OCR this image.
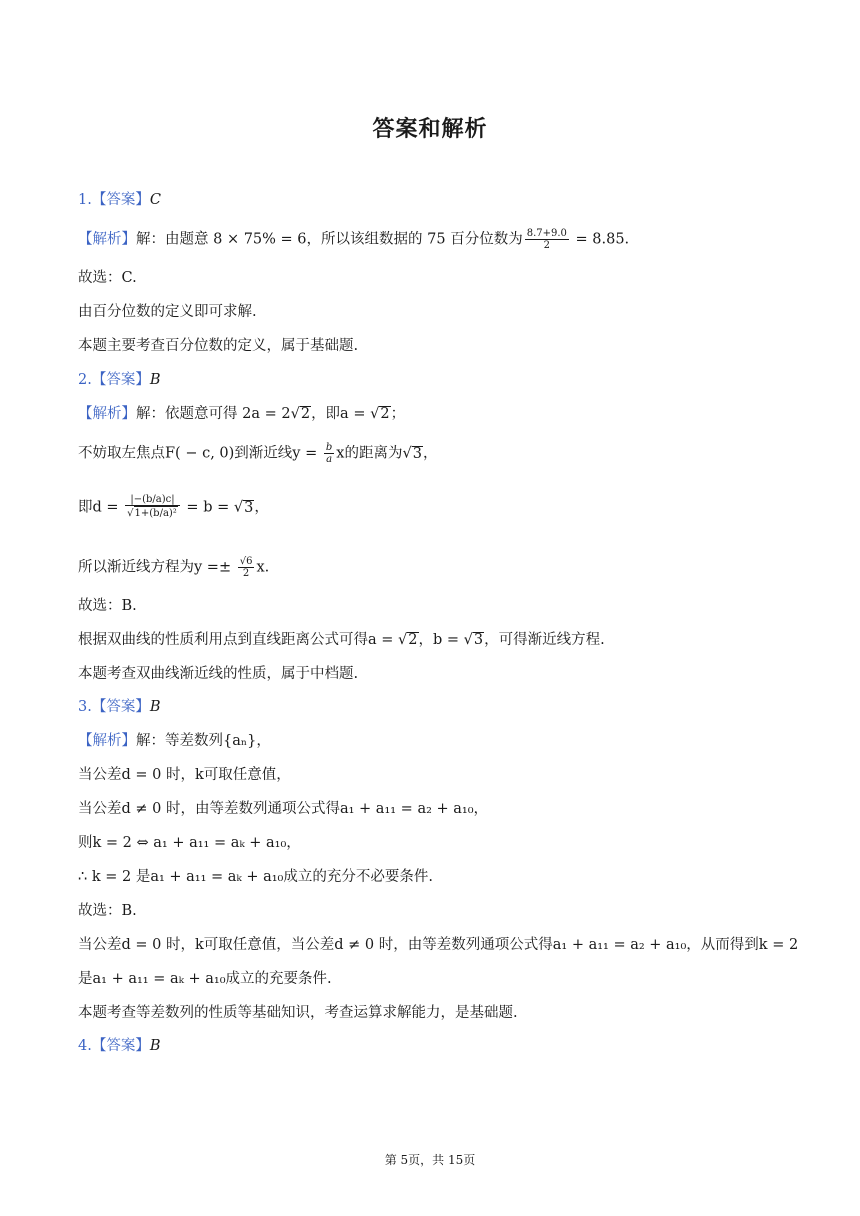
答案和解析
1.【答案】C
【解析】解：由题意 8 × 75% = 6，所以该组数据的 75 百分位数为 $\frac{8.7+9.0}{2} = 8.85$.
故选：C.
由百分位数的定义即可求解.
本题主要考查百分位数的定义，属于基础题.
2.【答案】B
【解析】解：依题意可得 2a = 2√2，即a = √2；
不妨取左焦点F( − c, 0)到渐近线$y = \frac{b}{a}$ x的距离为√3，
即$d = \frac{|-(b/a)c|}{\text{√1+(b/a)²}} = b = √3$，
所以渐近线方程为$y =\pm \frac{√6}{2} x$.
故选：B.
根据双曲线的性质利用点到直线距离公式可得a = √2，b = √3，可得渐近线方程.
本题考查双曲线渐近线的性质，属于中档题.
3.【答案】B
【解析】解：等差数列{aₙ}，
当公差d = 0 时，k可取任意值，
当公差d ≠ 0 时，由等差数列通项公式得a₁ + a₁₁ = a₂ + a₁₀，
则k = 2 ⇔ a₁ + a₁₁ = aₖ + a₁₀，
∴ k = 2 是a₁ + a₁₁ = aₖ + a₁₀成立的充分不必要条件.
故选：B.
当公差d = 0 时，k可取任意值，当公差d ≠ 0 时，由等差数列通项公式得a₁ + a₁₁ = a₂ + a₁₀，从而得到k = 2
是a₁ + a₁₁ = aₖ + a₁₀成立的充要条件.
本题考查等差数列的性质等基础知识，考查运算求解能力，是基础题.
4.【答案】B
第 5页，共 15页
